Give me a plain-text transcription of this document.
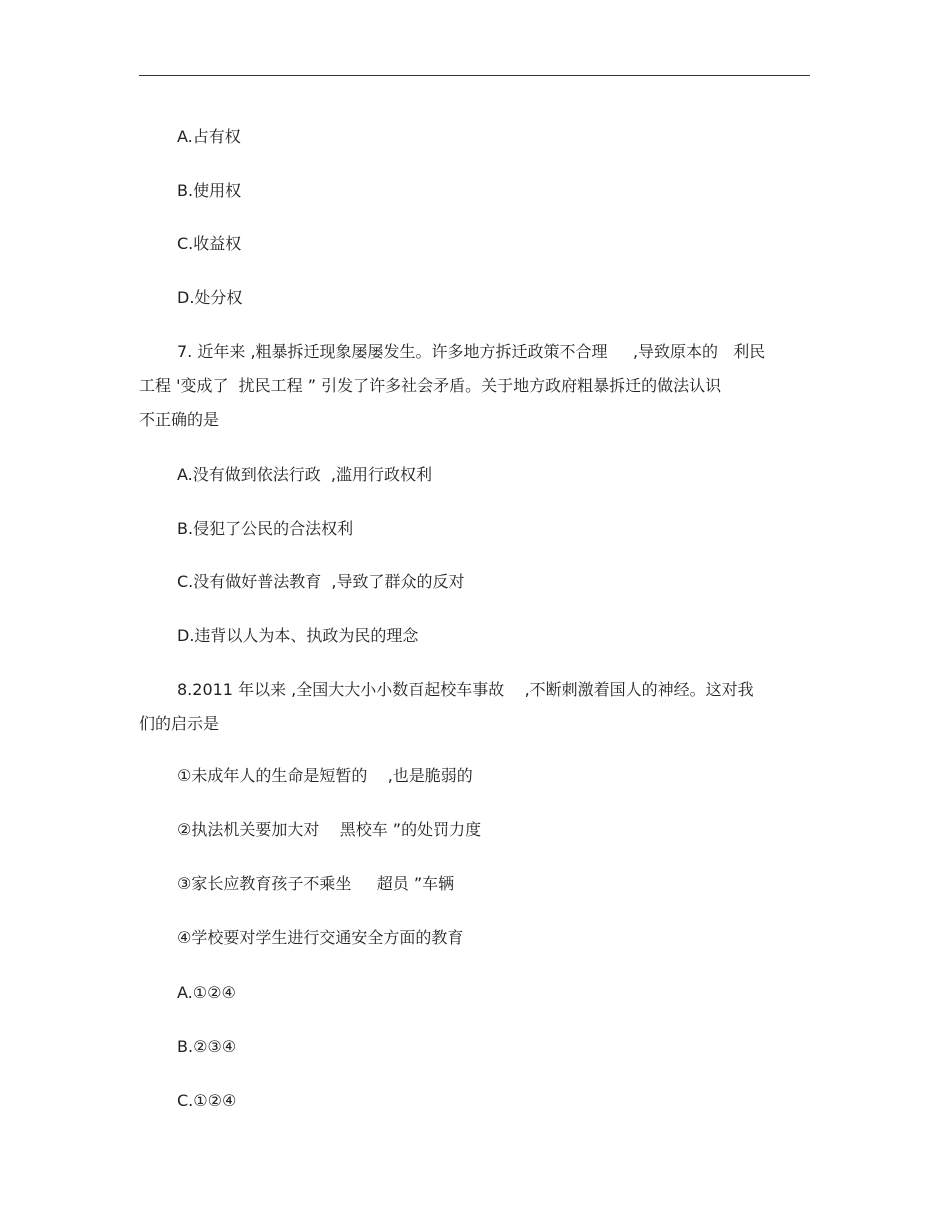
A.占有权
B.使用权
C.收益权
D.处分权
7. 近年来 ,粗暴拆迁现象屡屡发生。许多地方拆迁政策不合理     ,导致原本的   利民
工程 '变成了  扰民工程 ” 引发了许多社会矛盾。关于地方政府粗暴拆迁的做法认识
不正确的是
A.没有做到依法行政  ,滥用行政权利
B.侵犯了公民的合法权利
C.没有做好普法教育  ,导致了群众的反对
D.违背以人为本、执政为民的理念
8.2011 年以来 ,全国大大小小数百起校车事故    ,不断刺激着国人的神经。这对我
们的启示是
①未成年人的生命是短暂的    ,也是脆弱的
②执法机关要加大对    黑校车 ”的处罚力度
③家长应教育孩子不乘坐     超员 ”车辆
④学校要对学生进行交通安全方面的教育
A.①②④
B.②③④
C.①②④
